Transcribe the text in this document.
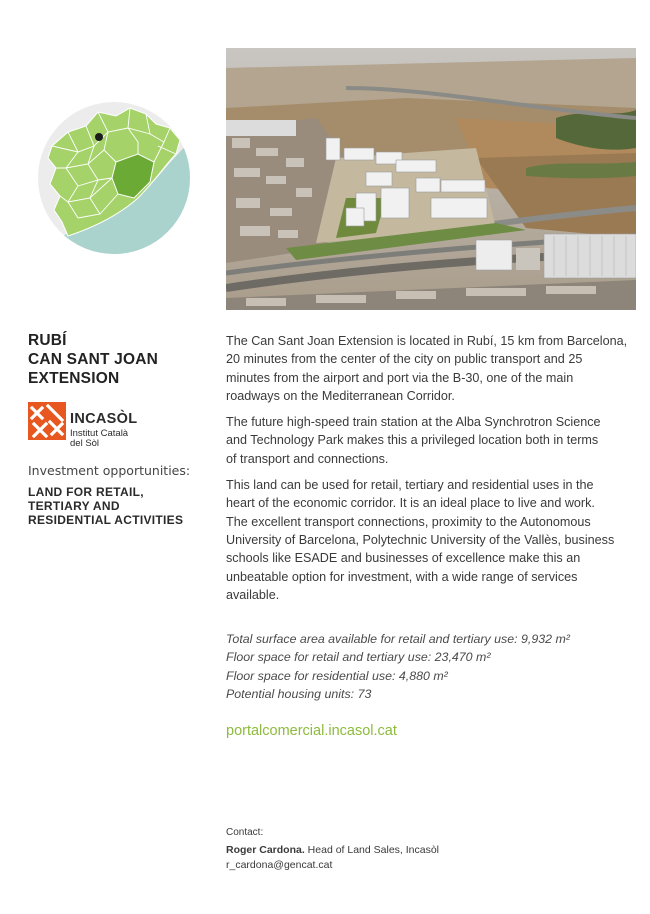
RUBÍ
CAN SANT JOAN
EXTENSION
INCASÒL
Institut Català
del Sòl
Investment opportunities:
LAND FOR RETAIL,
TERTIARY AND
RESIDENTIAL ACTIVITIES
The Can Sant Joan Extension is located in Rubí, 15 km from Barcelona,
20 minutes from the center of the city on public transport and 25
minutes from the airport and port via the B-30, one of the main
roadways on the Mediterranean Corridor.
The future high-speed train station at the Alba Synchrotron Science
and Technology Park makes this a privileged location both in terms
of transport and connections.
This land can be used for retail, tertiary and residential uses in the
heart of the economic corridor. It is an ideal place to live and work.
The excellent transport connections, proximity to the Autonomous
University of Barcelona, Polytechnic University of the Vallès, business
schools like ESADE and businesses of excellence make this an
unbeatable option for investment, with a wide range of services
available.
Total surface area available for retail and tertiary use: 9,932 m²
Floor space for retail and tertiary use: 23,470 m²
Floor space for residential use: 4,880 m²
Potential housing units: 73
portalcomercial.incasol.cat
Contact:
Roger Cardona. Head of Land Sales, Incasòl
r_cardona@gencat.cat
